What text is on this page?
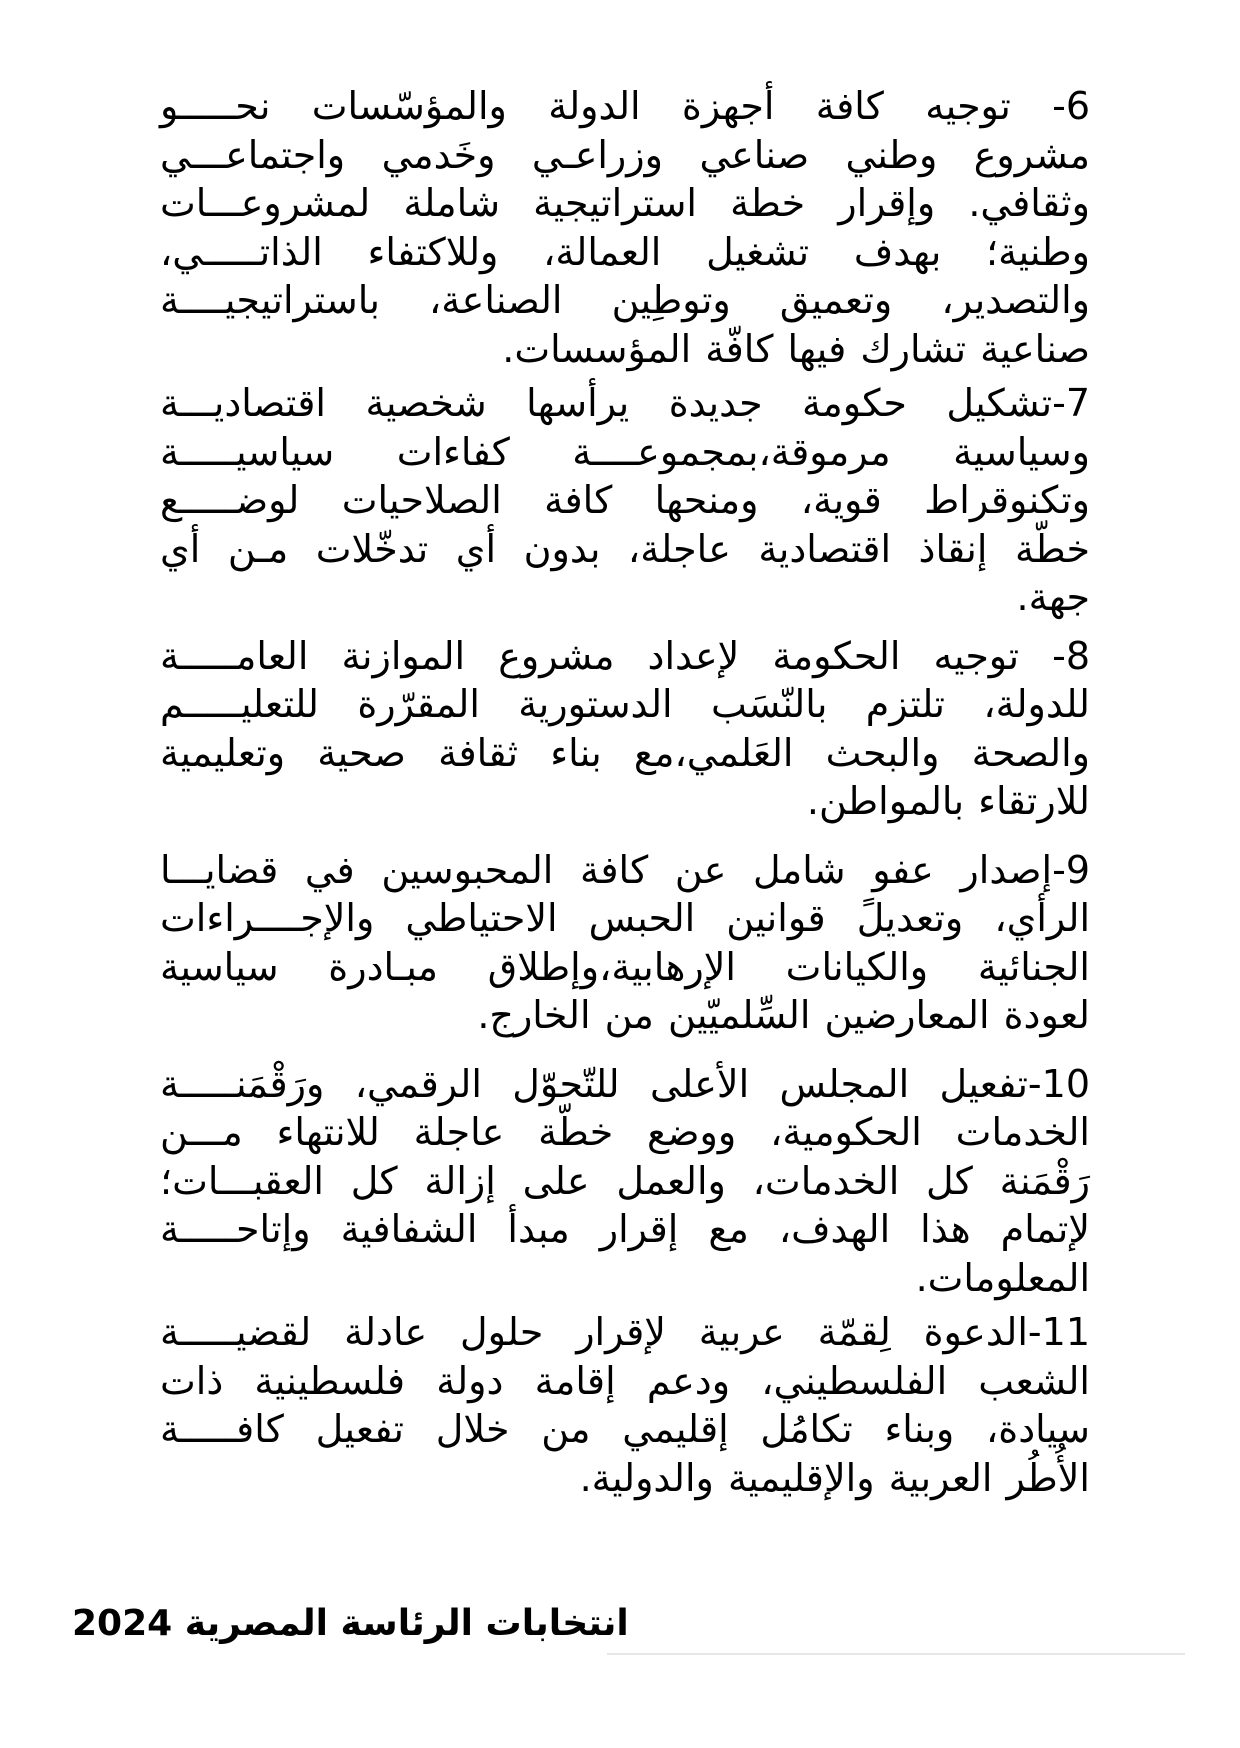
6- توجيه كافة أجهزة الدولة والمؤسّسات نحـــــو
مشروع وطني صناعي وزراعـي وخَدمي واجتماعـــي
وثقافي. وإقرار خطة استراتيجية شاملة لمشروعـــات
وطنية؛ بهدف تشغيل العمالة، وللاكتفاء الذاتـــــي،
والتصدير، وتعميق وتوطِين الصناعة، باستراتيجيــــة
صناعية تشارك فيها كافّة المؤسسات.
7-تشكيل حكومة جديدة يرأسها شخصية اقتصاديـــة
وسياسية مرموقة،بمجموعــــة كفاءات سياسيـــــة
وتكنوقراط قوية، ومنحها كافة الصلاحيات لوضـــــع
خطّة إنقاذ اقتصادية عاجلة، بدون أي تدخّلات مـن أي
جهة.
8- توجيه الحكومة لإعداد مشروع الموازنة العامـــــة
للدولة، تلتزم بالنّسَب الدستورية المقرّرة للتعليـــــم
والصحة والبحث العَلمي،مع بناء ثقافة صحية وتعليمية
للارتقاء بالمواطن.
9-إصدار عفو شامل عن كافة المحبوسين في قضايـــا
الرأي، وتعديلً قوانين الحبس الاحتياطي والإجــــراءات
الجنائية والكيانات الإرهابية،وإطلاق مبـادرة سياسية
لعودة المعارضين السِّلميّين من الخارج.
10-تفعيل المجلس الأعلى للتّحوّل الرقمي، ورَقْمَنـــــة
الخدمات الحكومية، ووضع خطّة عاجلة للانتهاء مـــن
رَقْمَنة كل الخدمات، والعمل على إزالة كل العقبـــات؛
لإتمام هذا الهدف، مع إقرار مبدأ الشفافية وإتاحـــــة
المعلومات.
11-الدعوة لِقمّة عربية لإقرار حلول عادلة لقضيـــــة
الشعب الفلسطيني، ودعم إقامة دولة فلسطينية ذات
سيادة، وبناء تكامُل إقليمي من خلال تفعيل كافـــــة
الأُطُر العربية والإقليمية والدولية.
انتخابات الرئاسة المصرية 2024
